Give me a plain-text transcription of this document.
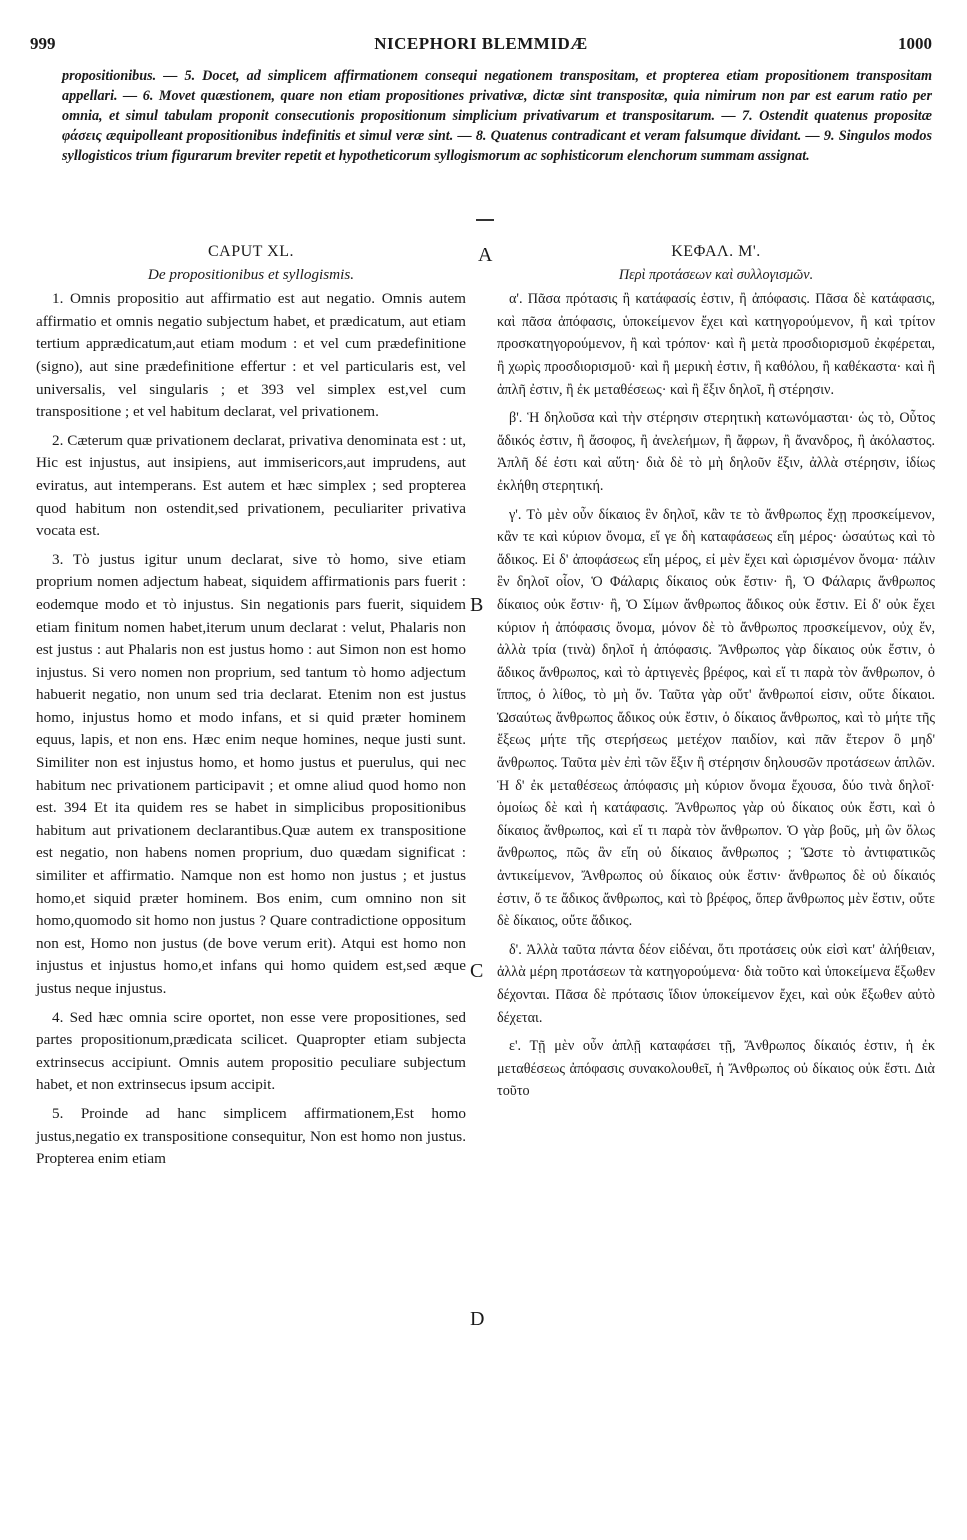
999	NICEPHORI BLEMMIDÆ	1000

propositionibus. — 5. Docet, ad simplicem affirmationem consequi negationem transpositam, et propterea etiam propositionem transpositam appellari. — 6. Movet quæstionem, quare non etiam propositiones privativæ, dictæ sint transpositæ, quia nimirum non par est earum ratio per omnia, et simul tabulam proponit consecutionis propositionum simplicium privativarum et transpositarum. — 7. Ostendit quatenus propositæ φάσεις æquipolleant propositionibus indefinitis et simul veræ sint. — 8. Quatenus contradicant et veram falsumque dividant. — 9. Singulos modos syllogisticos trium figurarum breviter repetit et hypotheticorum syllogismorum ac sophisticorum elenchorum summam assignat.

A
B
C
D

CAPUT XL.

De propositionibus et syllogismis.

1. Omnis propositio aut affirmatio est aut negatio. Omnis autem affirmatio et omnis negatio subjectum habet, et prædicatum, aut etiam tertium apprædicatum,aut etiam modum : et vel cum prædefinitione (signo), aut sine prædefinitione effertur : et vel particularis est, vel universalis, vel singularis ; et 393 vel simplex est,vel cum transpositione ; et vel habitum declarat, vel privationem.

2. Cæterum quæ privationem declarat, privativa denominata est : ut, Hic est injustus, aut insipiens, aut immisericors,aut imprudens, aut eviratus, aut intemperans. Est autem et hæc simplex ; sed propterea quod habitum non ostendit,sed privationem, peculiariter privativa vocata est.

3. Τὸ justus igitur unum declarat, sive τὸ homo, sive etiam proprium nomen adjectum habeat, siquidem affirmationis pars fuerit : eodemque modo et τὸ injustus. Sin negationis pars fuerit, siquidem etiam finitum nomen habet,iterum unum declarat : velut, Phalaris non est justus : aut Phalaris non est justus homo : aut Simon non est homo injustus. Si vero nomen non proprium, sed tantum τὸ homo adjectum habuerit negatio, non unum sed tria declarat. Etenim non est justus homo, injustus homo et modo infans, et si quid præter hominem equus, lapis, et non ens. Hæc enim neque homines, neque justi sunt. Similiter non est injustus homo, et homo justus et puerulus, qui nec habitum nec privationem participavit ; et omne aliud quod homo non est. 394 Et ita quidem res se habet in simplicibus propositionibus habitum aut privationem declarantibus.Quæ autem ex transpositione est negatio, non habens nomen proprium, duo quædam significat : similiter et affirmatio. Namque non est homo non justus ; et justus homo,et siquid præter hominem. Bos enim, cum omnino non sit homo,quomodo sit homo non justus ? Quare contradictione oppositum non est, Homo non justus (de bove verum erit). Atqui est homo non injustus et injustus homo,et infans qui homo quidem est,sed æque justus neque injustus.

4. Sed hæc omnia scire oportet, non esse vere propositiones, sed partes propositionum,prædicata scilicet. Quapropter etiam subjecta extrinsecus accipiunt. Omnis autem propositio peculiare subjectum habet, et non extrinsecus ipsum accipit.

5. Proinde ad hanc simplicem affirmationem,Est homo justus,negatio ex transpositione consequitur, Non est homo non justus. Propterea enim etiam

ΚΕΦΑΛ. Μ'.

Περὶ προτάσεων καὶ συλλογισμῶν.

α'. Πᾶσα πρότασις ἢ κατάφασίς ἐστιν, ἢ ἀπόφασις. Πᾶσα δὲ κατάφασις, καὶ πᾶσα ἀπόφασις, ὑποκείμενον ἔχει καὶ κατηγορούμενον, ἢ καὶ τρίτον προσκατηγορούμενον, ἢ καὶ τρόπον· καὶ ἢ μετὰ προσδιορισμοῦ ἐκφέρεται, ἢ χωρὶς προσδιορισμοῦ· καὶ ἢ μερικὴ ἐστιν, ἢ καθόλου, ἢ καθέκαστα· καὶ ἢ ἁπλῆ ἐστιν, ἢ ἐκ μεταθέσεως· καὶ ἢ ἕξιν δηλοῖ, ἢ στέρησιν.

β'. Ἡ δηλοῦσα καὶ τὴν στέρησιν στερητικὴ κατωνόμασται· ὡς τὸ, Οὗτος ἄδικός ἐστιν, ἢ ἄσοφος, ἢ ἀνελεήμων, ἢ ἄφρων, ἢ ἄνανδρος, ἢ ἀκόλαστος. Ἁπλῆ δέ ἐστι καὶ αὕτη· διὰ δὲ τὸ μὴ δηλοῦν ἕξιν, ἀλλὰ στέρησιν, ἰδίως ἐκλήθη στερητική.

γ'. Τὸ μὲν οὖν δίκαιος ἓν δηλοῖ, κἂν τε τὸ ἄνθρωπος ἔχῃ προσκείμενον, κἂν τε καὶ κύριον ὄνομα, εἴ γε δὴ καταφάσεως εἴη μέρος· ὡσαύτως καὶ τὸ ἄδικος. Εἰ δ' ἀποφάσεως εἴη μέρος, εἰ μὲν ἔχει καὶ ὡρισμένον ὄνομα· πάλιν ἓν δηλοῖ οἷον, Ὁ Φάλαρις δίκαιος οὐκ ἔστιν· ἢ, Ὁ Φάλαρις ἄνθρωπος δίκαιος οὐκ ἔστιν· ἢ, Ὁ Σίμων ἄνθρωπος ἄδικος οὐκ ἔστιν. Εἰ δ' οὐκ ἔχει κύριον ἡ ἀπόφασις ὄνομα, μόνον δὲ τὸ ἄνθρωπος προσκείμενον, οὐχ ἕν, ἀλλὰ τρία (τινὰ) δηλοῖ ἡ ἀπόφασις. Ἄνθρωπος γὰρ δίκαιος οὐκ ἔστιν, ὁ ἄδικος ἄνθρωπος, καὶ τὸ ἀρτιγενὲς βρέφος, καὶ εἴ τι παρὰ τὸν ἄνθρωπον, ὁ ἵππος, ὁ λίθος, τὸ μὴ ὄν. Ταῦτα γὰρ οὔτ' ἄνθρωποί εἰσιν, οὔτε δίκαιοι. Ὡσαύτως ἄνθρωπος ἄδικος οὐκ ἔστιν, ὁ δίκαιος ἄνθρωπος, καὶ τὸ μήτε τῆς ἕξεως μήτε τῆς στερήσεως μετέχον παιδίον, καὶ πᾶν ἕτερον ὃ μηδ' ἄνθρωπος. Ταῦτα μὲν ἐπὶ τῶν ἕξιν ἢ στέρησιν δηλουσῶν προτάσεων ἁπλῶν. Ἡ δ' ἐκ μεταθέσεως ἀπόφασις μὴ κύριον ὄνομα ἔχουσα, δύο τινὰ δηλοῖ· ὁμοίως δὲ καὶ ἡ κατάφασις. Ἄνθρωπος γὰρ οὐ δίκαιος οὐκ ἔστι, καὶ ὁ δίκαιος ἄνθρωπος, καὶ εἴ τι παρὰ τὸν ἄνθρωπον. Ὁ γὰρ βοῦς, μὴ ὢν ὅλως ἄνθρωπος, πῶς ἂν εἴη οὐ δίκαιος ἄνθρωπος ; Ὥστε τὸ ἀντιφατικῶς ἀντικείμενον, Ἄνθρωπος οὐ δίκαιος οὐκ ἔστιν· ἄνθρωπος δὲ οὐ δίκαιός ἐστιν, ὅ τε ἄδικος ἄνθρωπος, καὶ τὸ βρέφος, ὅπερ ἄνθρωπος μὲν ἔστιν, οὔτε δὲ δίκαιος, οὔτε ἄδικος.

δ'. Ἀλλὰ ταῦτα πάντα δέον εἰδέναι, ὅτι προτάσεις οὐκ εἰσὶ κατ' ἀλήθειαν, ἀλλὰ μέρη προτάσεων τὰ κατηγορούμενα· διὰ τοῦτο καὶ ὑποκείμενα ἔξωθεν δέχονται. Πᾶσα δὲ πρότασις ἴδιον ὑποκείμενον ἔχει, καὶ οὐκ ἔξωθεν αὐτὸ δέχεται.

ε'. Τῇ μὲν οὖν ἁπλῇ καταφάσει τῇ, Ἄνθρωπος δίκαιός ἐστιν, ἡ ἐκ μεταθέσεως ἀπόφασις συνακολουθεῖ, ἡ Ἄνθρωπος οὐ δίκαιος οὐκ ἔστι. Διὰ τοῦτο
